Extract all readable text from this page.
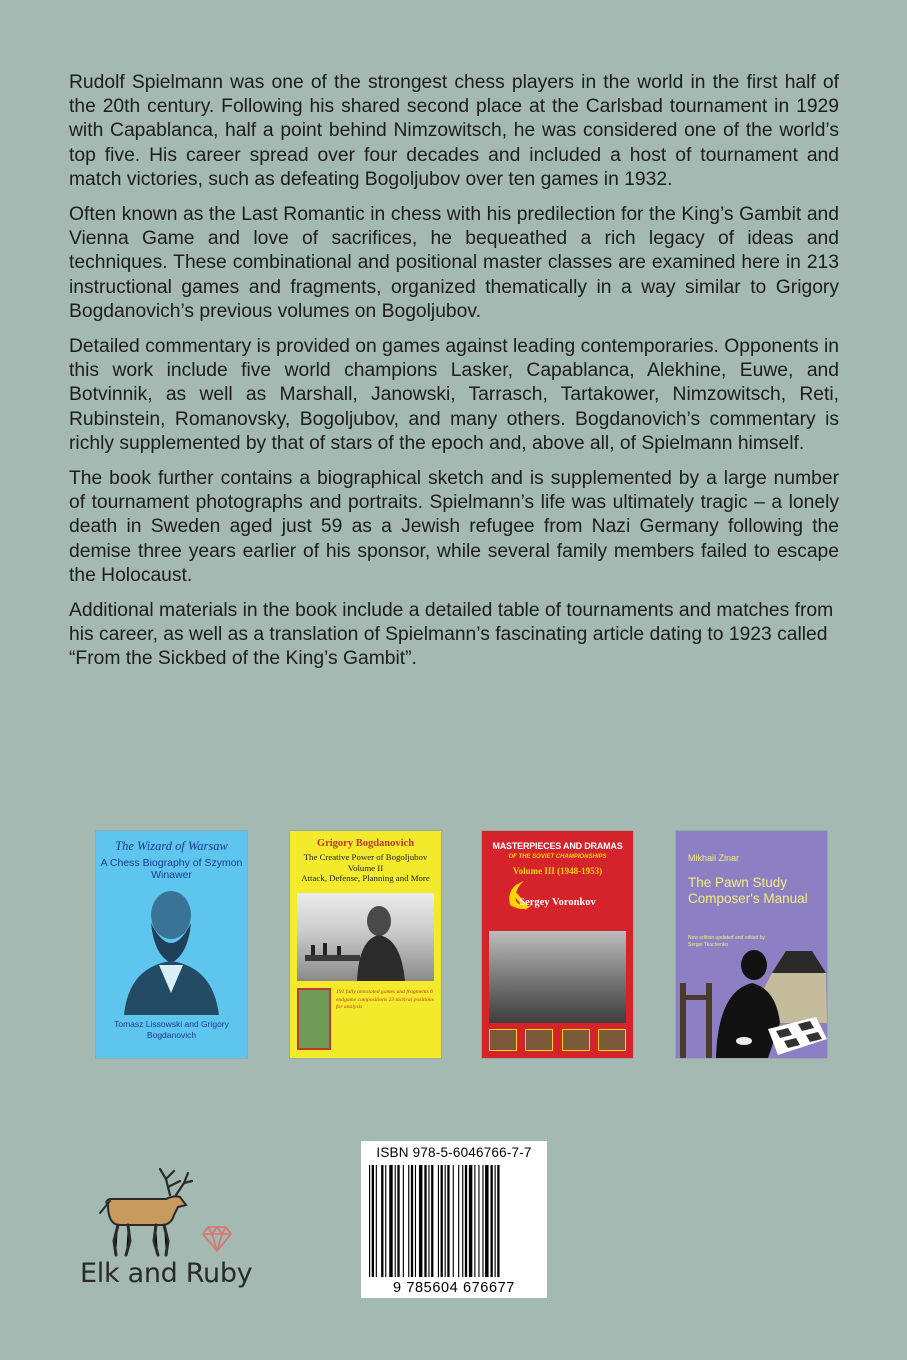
Rudolf Spielmann was one of the strongest chess players in the world in the first half of the 20th century. Following his shared second place at the Carlsbad tournament in 1929 with Capablanca, half a point behind Nimzowitsch, he was considered one of the world’s top five. His career spread over four decades and included a host of tournament and match victories, such as defeating Bogoljubov over ten games in 1932.

Often known as the Last Romantic in chess with his predilection for the King’s Gambit and Vienna Game and love of sacrifices, he bequeathed a rich legacy of ideas and techniques. These combinational and positional master classes are examined here in 213 instructional games and fragments, organized thematically in a way similar to Grigory Bogdanovich’s previous volumes on Bogoljubov.

Detailed commentary is provided on games against leading contemporaries. Opponents in this work include five world champions Lasker, Capablanca, Alekhine, Euwe, and Botvinnik, as well as Marshall, Janowski, Tarrasch, Tartakower, Nimzowitsch, Reti, Rubinstein, Romanovsky, Bogoljubov, and many others. Bogdanovich’s commentary is richly supplemented by that of stars of the epoch and, above all, of Spielmann himself.

The book further contains a biographical sketch and is supplemented by a large number of tournament photographs and portraits. Spielmann’s life was ultimately tragic – a lonely death in Sweden aged just 59 as a Jewish refugee from Nazi Germany following the demise three years earlier of his sponsor, while several family members failed to escape the Holocaust.

Additional materials in the book include a detailed table of tournaments and matches from his career, as well as a translation of Spielmann’s fascinating article dating to 1923 called “From the Sickbed of the King’s Gambit”.

The Wizard of Warsaw
A Chess Biography of Szymon Winawer
Tomasz Lissowski and Grigory Bogdanovich
Grigory Bogdanovich
The Creative Power of Bogoljubov
Volume II
Attack, Defense, Planning and More
191 fully annotated games and fragments 6 endgame compositions 23 tactical positions for analysis
MASTERPIECES AND DRAMAS
OF THE SOVIET CHAMPIONSHIPS
Volume III (1948-1953)
Sergey Voronkov
Mikhail Zinar
The Pawn Study Composer's Manual
New edition updated and edited by Sergei Tkachenko
ISBN 978-5-6046766-7-7
9 785604 676677
Elk and Ruby
